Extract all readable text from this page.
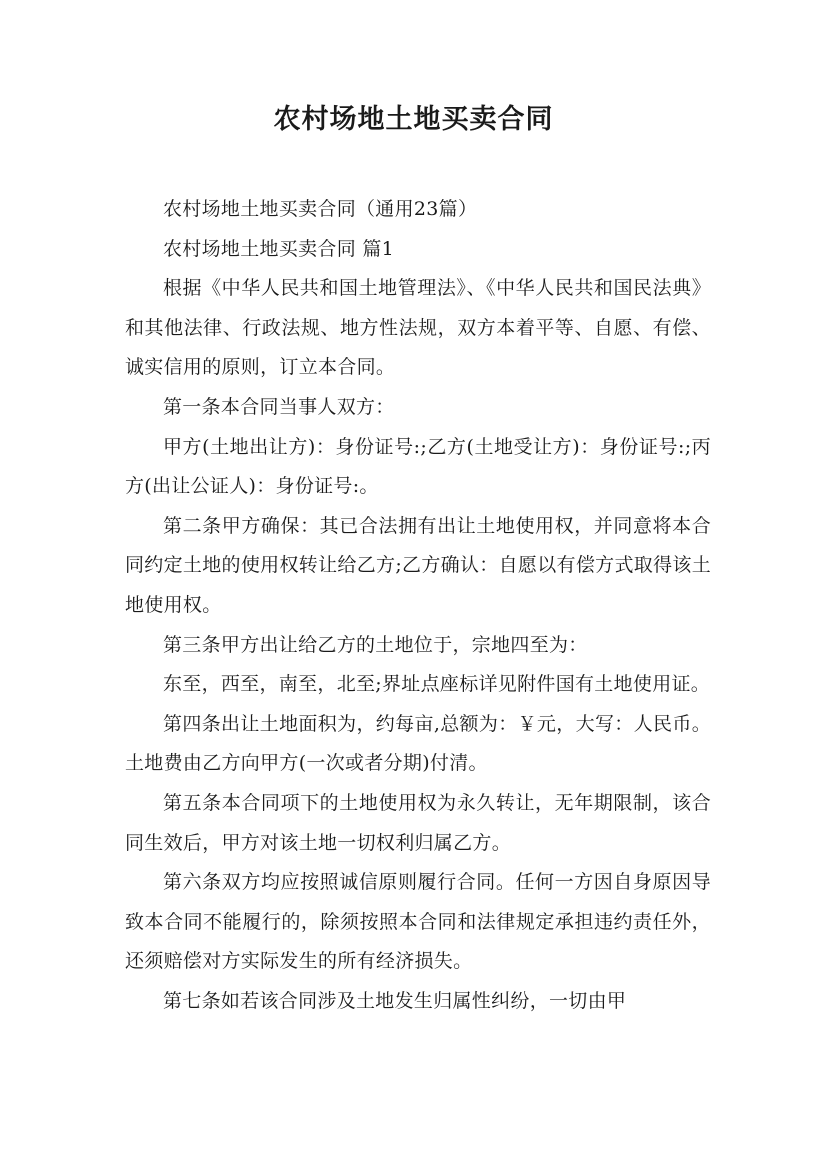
农村场地土地买卖合同

农村场地土地买卖合同（通用23篇）

农村场地土地买卖合同 篇1

根据《中华人民共和国土地管理法》、《中华人民共和国民法典》和其他法律、行政法规、地方性法规，双方本着平等、自愿、有偿、诚实信用的原则，订立本合同。

第一条本合同当事人双方：

甲方(土地出让方)：身份证号:;乙方(土地受让方)：身份证号:;丙方(出让公证人)：身份证号:。

第二条甲方确保：其已合法拥有出让土地使用权，并同意将本合同约定土地的使用权转让给乙方;乙方确认：自愿以有偿方式取得该土地使用权。

第三条甲方出让给乙方的土地位于，宗地四至为：

东至，西至，南至，北至;界址点座标详见附件国有土地使用证。

第四条出让土地面积为，约每亩,总额为：￥元，大写：人民币。土地费由乙方向甲方(一次或者分期)付清。

第五条本合同项下的土地使用权为永久转让，无年期限制，该合同生效后，甲方对该土地一切权利归属乙方。

第六条双方均应按照诚信原则履行合同。任何一方因自身原因导致本合同不能履行的，除须按照本合同和法律规定承担违约责任外，还须赔偿对方实际发生的所有经济损失。

第七条如若该合同涉及土地发生归属性纠纷，一切由甲
